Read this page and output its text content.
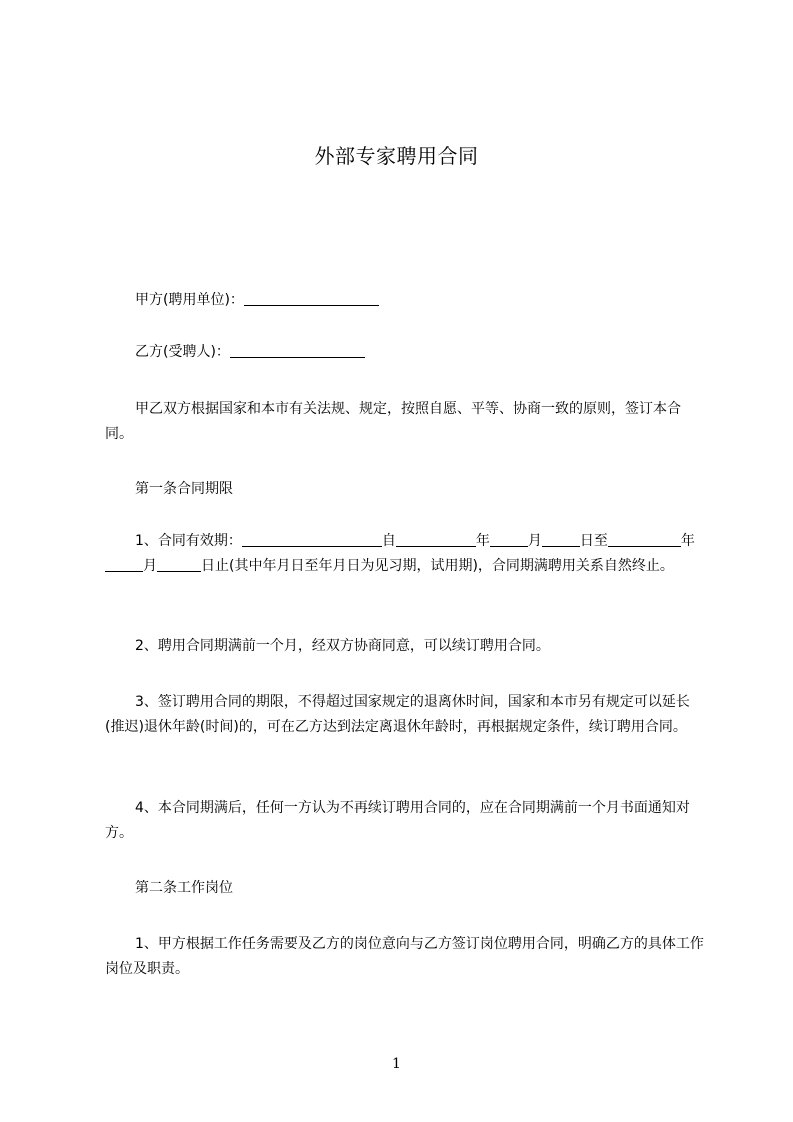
外部专家聘用合同
甲方(聘用单位)：
乙方(受聘人)：
甲乙双方根据国家和本市有关法规、规定，按照自愿、平等、协商一致的原则，签订本合同。
第一条合同期限
1、合同有效期：	自	年	月	日至	年月	日止(其中年月日至年月日为见习期，试用期)，合同期满聘用关系自然终止。
2、聘用合同期满前一个月，经双方协商同意，可以续订聘用合同。
3、签订聘用合同的期限，不得超过国家规定的退离休时间，国家和本市另有规定可以延长(推迟)退休年龄(时间)的，可在乙方达到法定离退休年龄时，再根据规定条件，续订聘用合同。
4、本合同期满后，任何一方认为不再续订聘用合同的，应在合同期满前一个月书面通知对方。
第二条工作岗位
1、甲方根据工作任务需要及乙方的岗位意向与乙方签订岗位聘用合同，明确乙方的具体工作岗位及职责。
1
